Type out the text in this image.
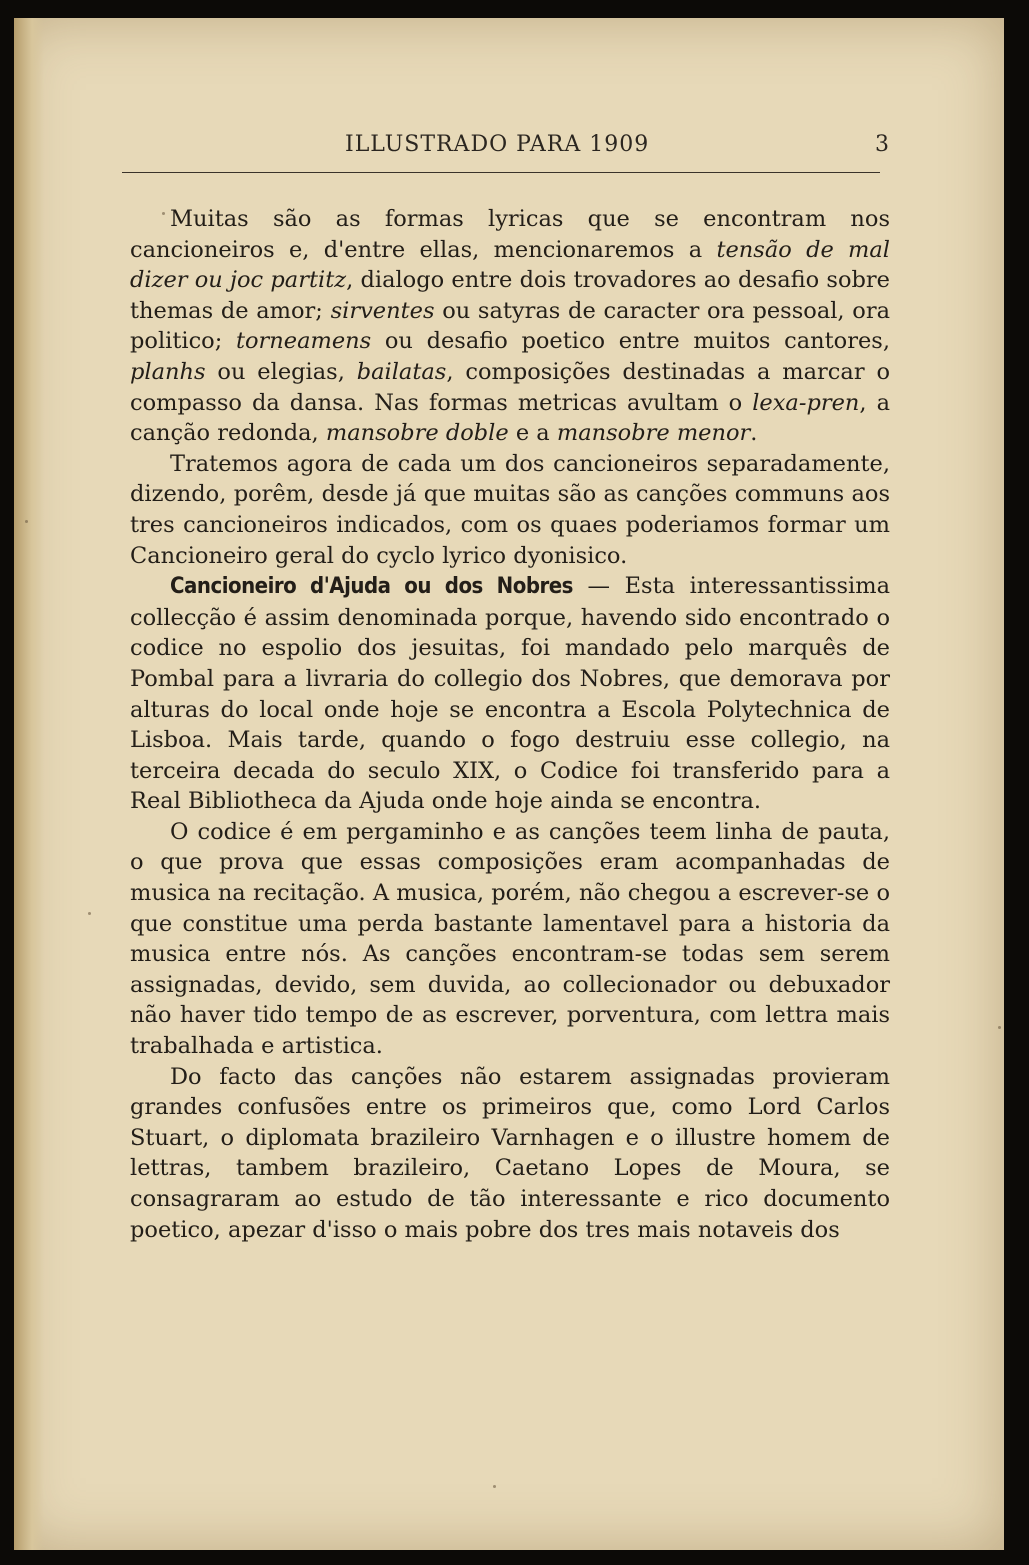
ILLUSTRADO PARA 1909	3

Muitas são as formas lyricas que se encontram nos cancioneiros e, d'entre ellas, mencionaremos a tensão de mal dizer ou joc partitz, dialogo entre dois trovadores ao desafio sobre themas de amor; sirventes ou satyras de caracter ora pessoal, ora politico; torneamens ou desafio poetico entre muitos cantores, planhs ou elegias, bailatas, composições destinadas a marcar o compasso da dansa. Nas formas metricas avultam o lexa-pren, a canção redonda, mansobre doble e a mansobre menor.

Tratemos agora de cada um dos cancioneiros separadamente, dizendo, porêm, desde já que muitas são as canções communs aos tres cancioneiros indicados, com os quaes poderiamos formar um Cancioneiro geral do cyclo lyrico dyonisico.

Cancioneiro d'Ajuda ou dos Nobres — Esta interessantissima collecção é assim denominada porque, havendo sido encontrado o codice no espolio dos jesuitas, foi mandado pelo marquês de Pombal para a livraria do collegio dos Nobres, que demorava por alturas do local onde hoje se encontra a Escola Polytechnica de Lisboa. Mais tarde, quando o fogo destruiu esse collegio, na terceira decada do seculo XIX, o Codice foi transferido para a Real Bibliotheca da Ajuda onde hoje ainda se encontra.

O codice é em pergaminho e as canções teem linha de pauta, o que prova que essas composições eram acompanhadas de musica na recitação. A musica, porém, não chegou a escrever-se o que constitue uma perda bastante lamentavel para a historia da musica entre nós. As canções encontram-se todas sem serem assignadas, devido, sem duvida, ao collecionador ou debuxador não haver tido tempo de as escrever, porventura, com lettra mais trabalhada e artistica.

Do facto das canções não estarem assignadas provieram grandes confusões entre os primeiros que, como Lord Carlos Stuart, o diplomata brazileiro Varnhagen e o illustre homem de lettras, tambem brazileiro, Caetano Lopes de Moura, se consagraram ao estudo de tão interessante e rico documento poetico, apezar d'isso o mais pobre dos tres mais notaveis dos
